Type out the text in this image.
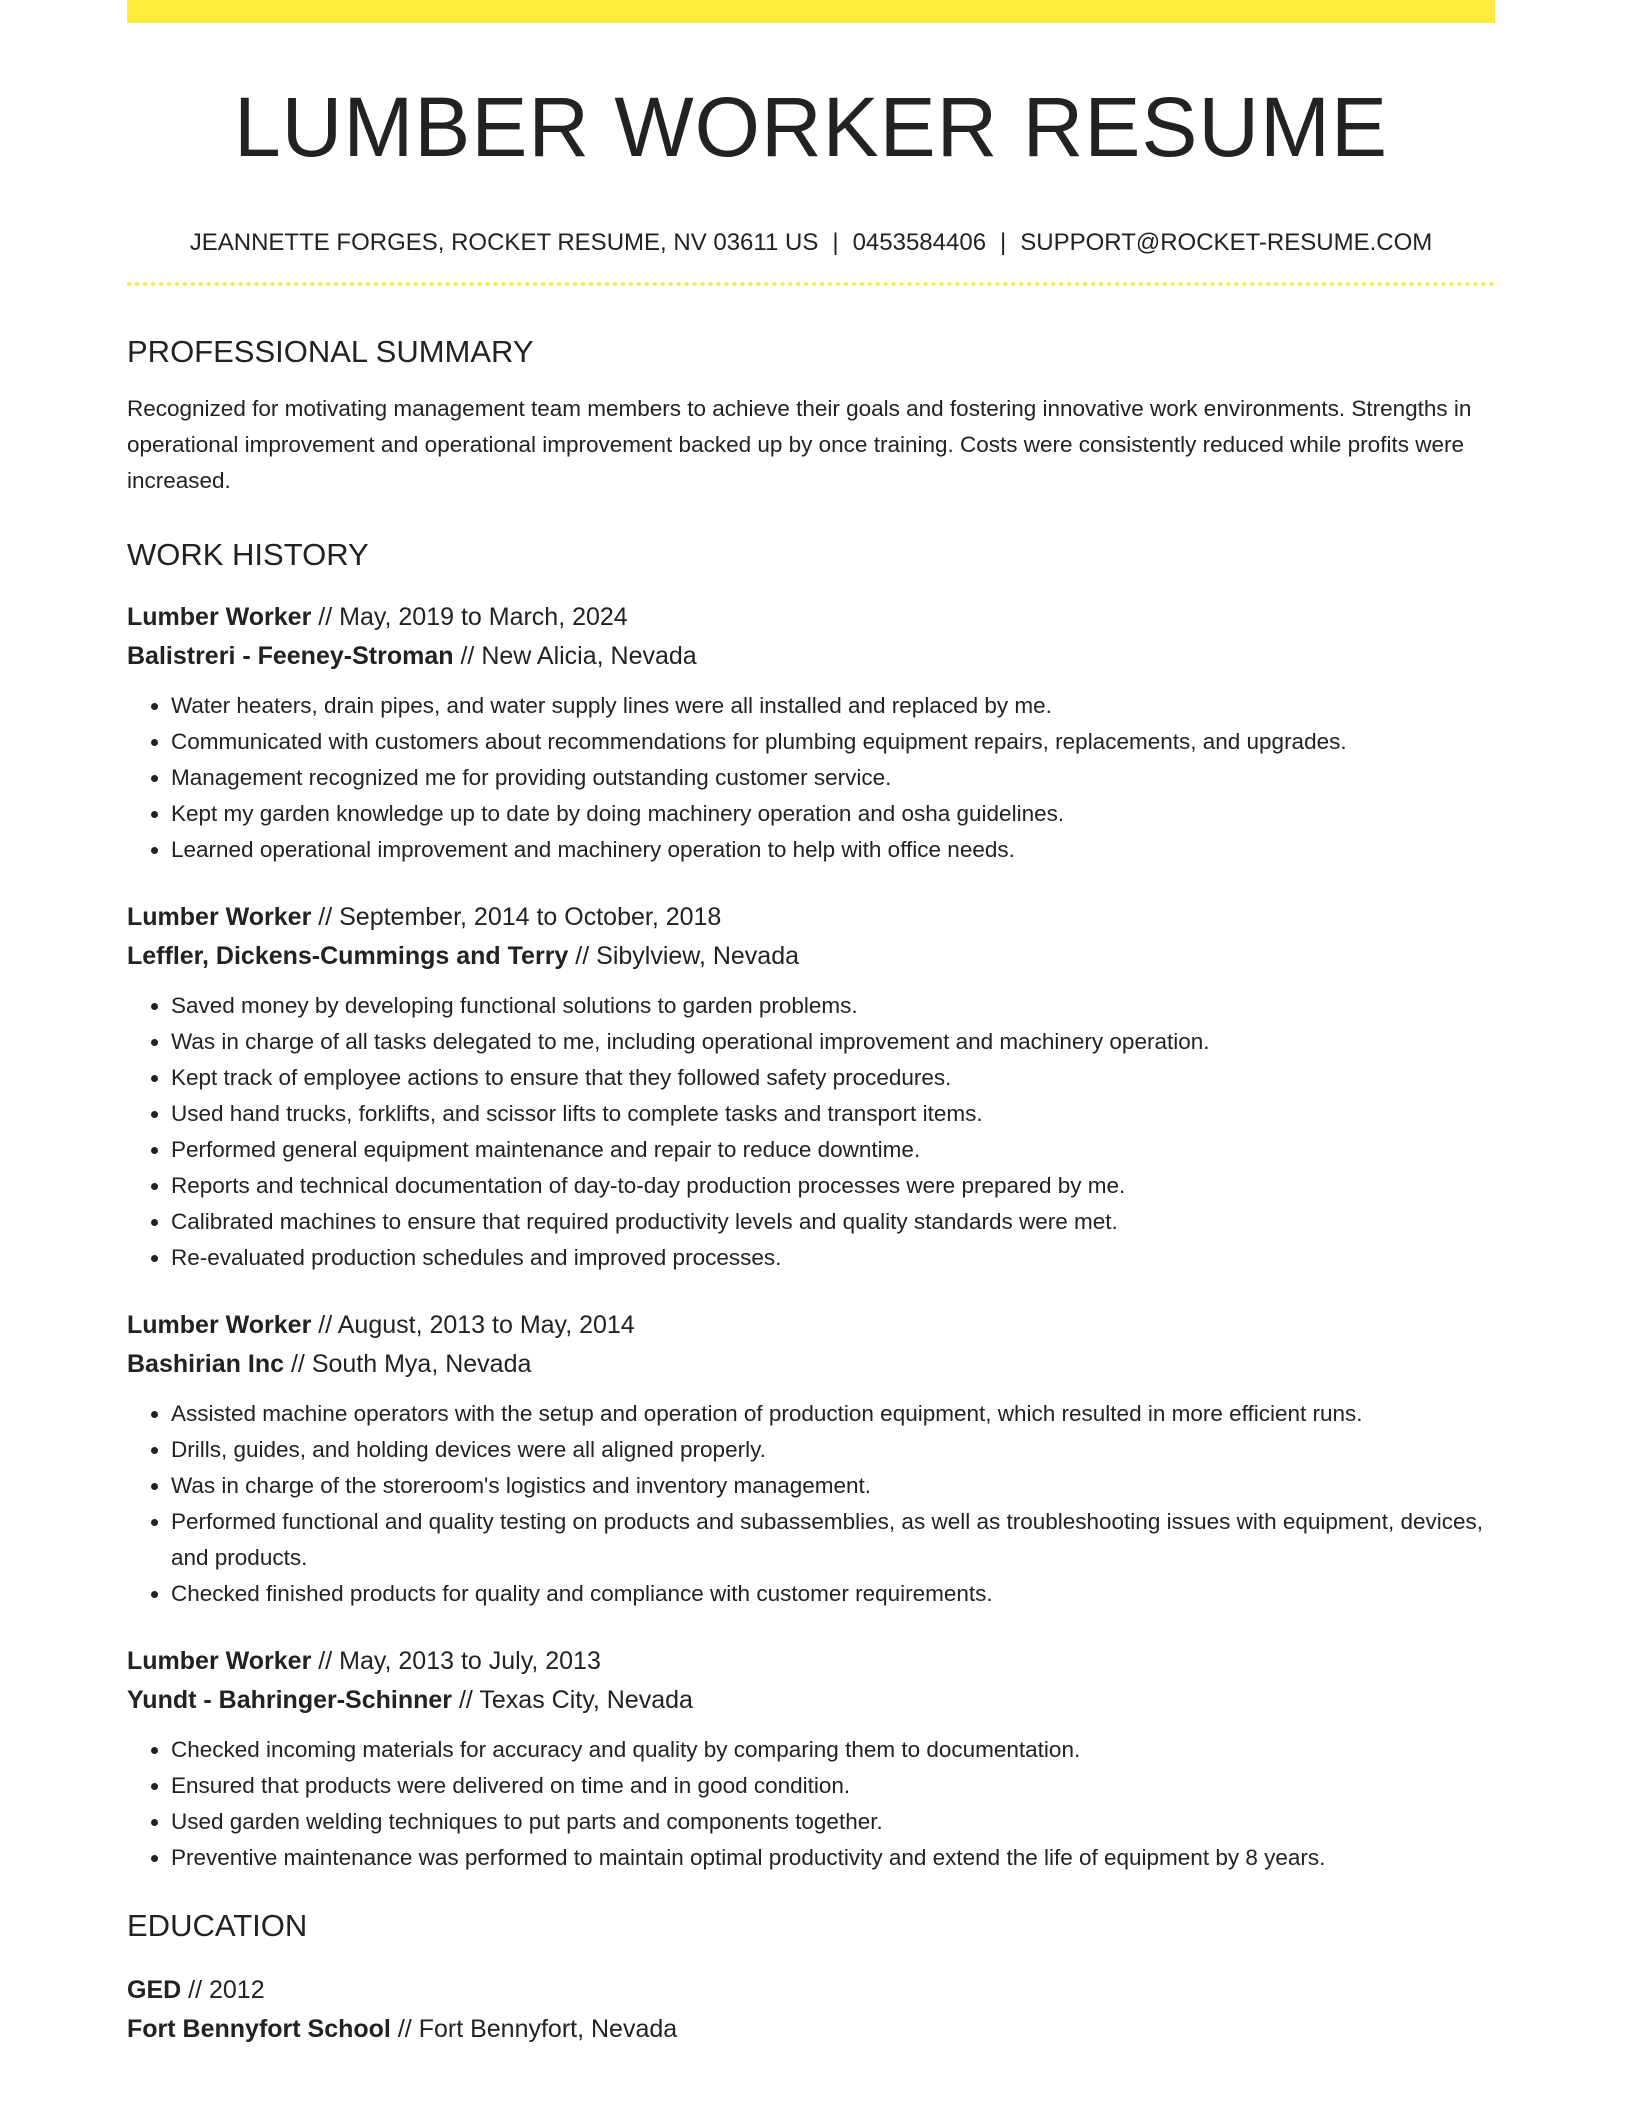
LUMBER WORKER RESUME
JEANNETTE FORGES, ROCKET RESUME, NV 03611 US | 0453584406 | SUPPORT@ROCKET-RESUME.COM
PROFESSIONAL SUMMARY

Recognized for motivating management team members to achieve their goals and fostering innovative work environments. Strengths in operational improvement and operational improvement backed up by once training. Costs were consistently reduced while profits were increased.

WORK HISTORY
Lumber Worker // May, 2019 to March, 2024
Balistreri - Feeney-Stroman // New Alicia, Nevada
• Water heaters, drain pipes, and water supply lines were all installed and replaced by me.
• Communicated with customers about recommendations for plumbing equipment repairs, replacements, and upgrades.
• Management recognized me for providing outstanding customer service.
• Kept my garden knowledge up to date by doing machinery operation and osha guidelines.
• Learned operational improvement and machinery operation to help with office needs.
Lumber Worker // September, 2014 to October, 2018
Leffler, Dickens-Cummings and Terry // Sibylview, Nevada
• Saved money by developing functional solutions to garden problems.
• Was in charge of all tasks delegated to me, including operational improvement and machinery operation.
• Kept track of employee actions to ensure that they followed safety procedures.
• Used hand trucks, forklifts, and scissor lifts to complete tasks and transport items.
• Performed general equipment maintenance and repair to reduce downtime.
• Reports and technical documentation of day-to-day production processes were prepared by me.
• Calibrated machines to ensure that required productivity levels and quality standards were met.
• Re-evaluated production schedules and improved processes.
Lumber Worker // August, 2013 to May, 2014
Bashirian Inc // South Mya, Nevada
• Assisted machine operators with the setup and operation of production equipment, which resulted in more efficient runs.
• Drills, guides, and holding devices were all aligned properly.
• Was in charge of the storeroom's logistics and inventory management.
• Performed functional and quality testing on products and subassemblies, as well as troubleshooting issues with equipment, devices, and products.
• Checked finished products for quality and compliance with customer requirements.
Lumber Worker // May, 2013 to July, 2013
Yundt - Bahringer-Schinner // Texas City, Nevada
• Checked incoming materials for accuracy and quality by comparing them to documentation.
• Ensured that products were delivered on time and in good condition.
• Used garden welding techniques to put parts and components together.
• Preventive maintenance was performed to maintain optimal productivity and extend the life of equipment by 8 years.
EDUCATION
GED // 2012
Fort Bennyfort School // Fort Bennyfort, Nevada
